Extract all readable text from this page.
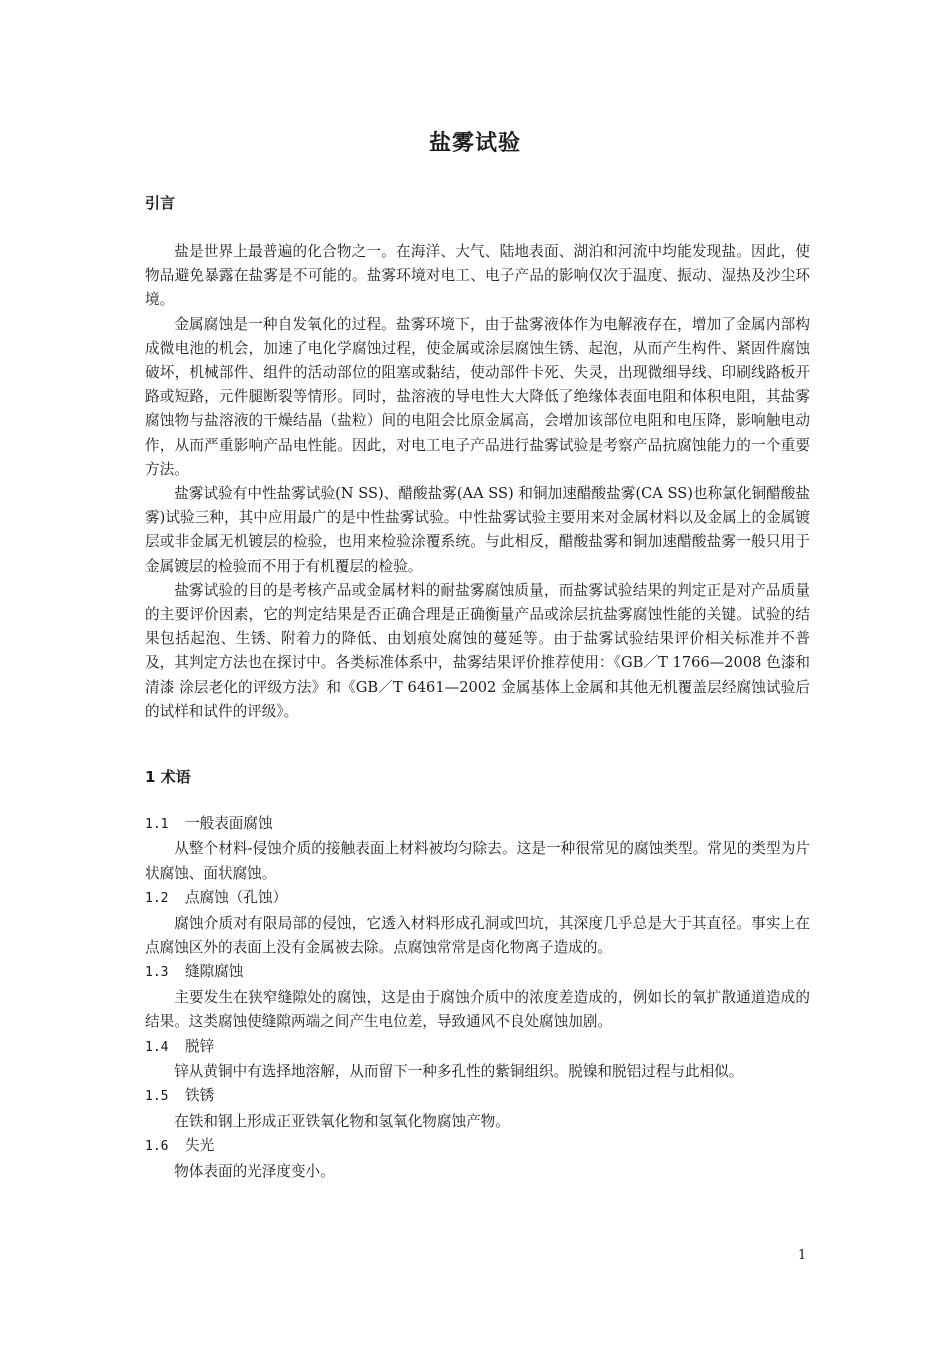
盐雾试验
引言

盐是世界上最普遍的化合物之一。在海洋、大气、陆地表面、湖泊和河流中均能发现盐。因此，使物品避免暴露在盐雾是不可能的。盐雾环境对电工、电子产品的影响仅次于温度、振动、湿热及沙尘环境。

金属腐蚀是一种自发氧化的过程。盐雾环境下，由于盐雾液体作为电解液存在，增加了金属内部构成微电池的机会，加速了电化学腐蚀过程，使金属或涂层腐蚀生锈、起泡，从而产生构件、紧固件腐蚀破坏，机械部件、组件的活动部位的阻塞或黏结，使动部件卡死、失灵，出现微细导线、印刷线路板开路或短路，元件腿断裂等情形。同时，盐溶液的导电性大大降低了绝缘体表面电阻和体积电阻，其盐雾腐蚀物与盐溶液的干燥结晶（盐粒）间的电阻会比原金属高，会增加该部位电阻和电压降，影响触电动作，从而严重影响产品电性能。因此，对电工电子产品进行盐雾试验是考察产品抗腐蚀能力的一个重要方法。

盐雾试验有中性盐雾试验(N SS)、醋酸盐雾(AA SS) 和铜加速醋酸盐雾(CA SS)也称氯化铜醋酸盐雾)试验三种，其中应用最广的是中性盐雾试验。中性盐雾试验主要用来对金属材料以及金属上的金属镀层或非金属无机镀层的检验，也用来检验涂覆系统。与此相反，醋酸盐雾和铜加速醋酸盐雾一般只用于金属镀层的检验而不用于有机覆层的检验。

盐雾试验的目的是考核产品或金属材料的耐盐雾腐蚀质量，而盐雾试验结果的判定正是对产品质量的主要评价因素，它的判定结果是否正确合理是正确衡量产品或涂层抗盐雾腐蚀性能的关键。试验的结果包括起泡、生锈、附着力的降低、由划痕处腐蚀的蔓延等。由于盐雾试验结果评价相关标准并不普及，其判定方法也在探讨中。各类标准体系中，盐雾结果评价推荐使用：《GB／T 1766—2008 色漆和清漆 涂层老化的评级方法》和《GB／T 6461—2002 金属基体上金属和其他无机覆盖层经腐蚀试验后的试样和试件的评级》。

1 术语

1.1 一般表面腐蚀

从整个材料-侵蚀介质的接触表面上材料被均匀除去。这是一种很常见的腐蚀类型。常见的类型为片状腐蚀、面状腐蚀。

1.2 点腐蚀（孔蚀）

腐蚀介质对有限局部的侵蚀，它透入材料形成孔洞或凹坑，其深度几乎总是大于其直径。事实上在点腐蚀区外的表面上没有金属被去除。点腐蚀常常是卤化物离子造成的。

1.3 缝隙腐蚀

主要发生在狭窄缝隙处的腐蚀，这是由于腐蚀介质中的浓度差造成的，例如长的氧扩散通道造成的结果。这类腐蚀使缝隙两端之间产生电位差，导致通风不良处腐蚀加剧。

1.4 脱锌

锌从黄铜中有选择地溶解，从而留下一种多孔性的紫铜组织。脱镍和脱铝过程与此相似。

1.5 铁锈

在铁和钢上形成正亚铁氧化物和氢氧化物腐蚀产物。

1.6 失光

物体表面的光泽度变小。

1
